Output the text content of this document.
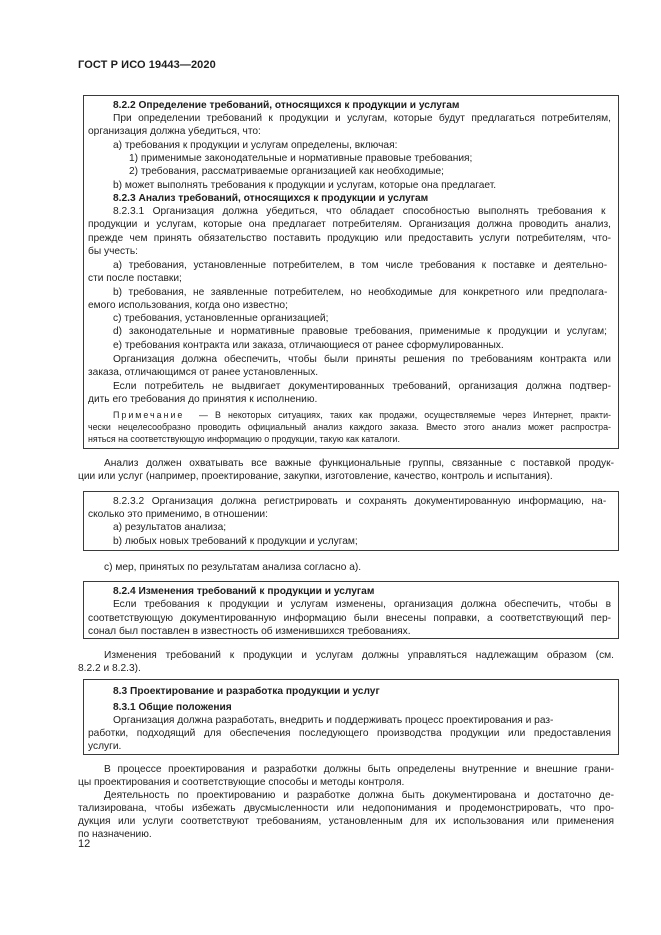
ГОСТ Р ИСО 19443—2020
8.2.2 Определение требований, относящихся к продукции и услугам
При определении требований к продукции и услугам, которые будут предлагаться потребителям,
организация должна убедиться, что:
a) требования к продукции и услугам определены, включая:
1) применимые законодательные и нормативные правовые требования;
2) требования, рассматриваемые организацией как необходимые;
b) может выполнять требования к продукции и услугам, которые она предлагает.
8.2.3 Анализ требований, относящихся к продукции и услугам
8.2.3.1 Организация должна убедиться, что обладает способностью выполнять требования к
продукции и услугам, которые она предлагает потребителям. Организация должна проводить анализ,
прежде чем принять обязательство поставить продукцию или предоставить услуги потребителям, что-
бы учесть:
a) требования, установленные потребителем, в том числе требования к поставке и деятельно-
сти после поставки;
b) требования, не заявленные потребителем, но необходимые для конкретного или предполага-
емого использования, когда оно известно;
c) требования, установленные организацией;
d) законодательные и нормативные правовые требования, применимые к продукции и услугам;
e) требования контракта или заказа, отличающиеся от ранее сформулированных.
Организация должна обеспечить, чтобы были приняты решения по требованиям контракта или
заказа, отличающимся от ранее установленных.
Если потребитель не выдвигает документированных требований, организация должна подтвер-
дить его требования до принятия к исполнению.
Примечание — В некоторых ситуациях, таких как продажи, осуществляемые через Интернет, практи-
чески нецелесообразно проводить официальный анализ каждого заказа. Вместо этого анализ может распростра-
няться на соответствующую информацию о продукции, такую как каталоги.
Анализ должен охватывать все важные функциональные группы, связанные с поставкой продук-
ции или услуг (например, проектирование, закупки, изготовление, качество, контроль и испытания).
8.2.3.2 Организация должна регистрировать и сохранять документированную информацию, на-
сколько это применимо, в отношении:
a) результатов анализа;
b) любых новых требований к продукции и услугам;
c) мер, принятых по результатам анализа согласно а).
8.2.4 Изменения требований к продукции и услугам
Если требования к продукции и услугам изменены, организация должна обеспечить, чтобы в
соответствующую документированную информацию были внесены поправки, а соответствующий пер-
сонал был поставлен в известность об изменившихся требованиях.
Изменения требований к продукции и услугам должны управляться надлежащим образом (см.
8.2.2 и 8.2.3).
8.3 Проектирование и разработка продукции и услуг
8.3.1 Общие положения
Организация должна разработать, внедрить и поддерживать процесс проектирования и раз-
работки, подходящий для обеспечения последующего производства продукции или предоставления
услуги.
В процессе проектирования и разработки должны быть определены внутренние и внешние грани-
цы проектирования и соответствующие способы и методы контроля.
Деятельность по проектированию и разработке должна быть документирована и достаточно де-
тализирована, чтобы избежать двусмысленности или недопонимания и продемонстрировать, что про-
дукция или услуги соответствуют требованиям, установленным для их использования или применения
по назначению.
12
